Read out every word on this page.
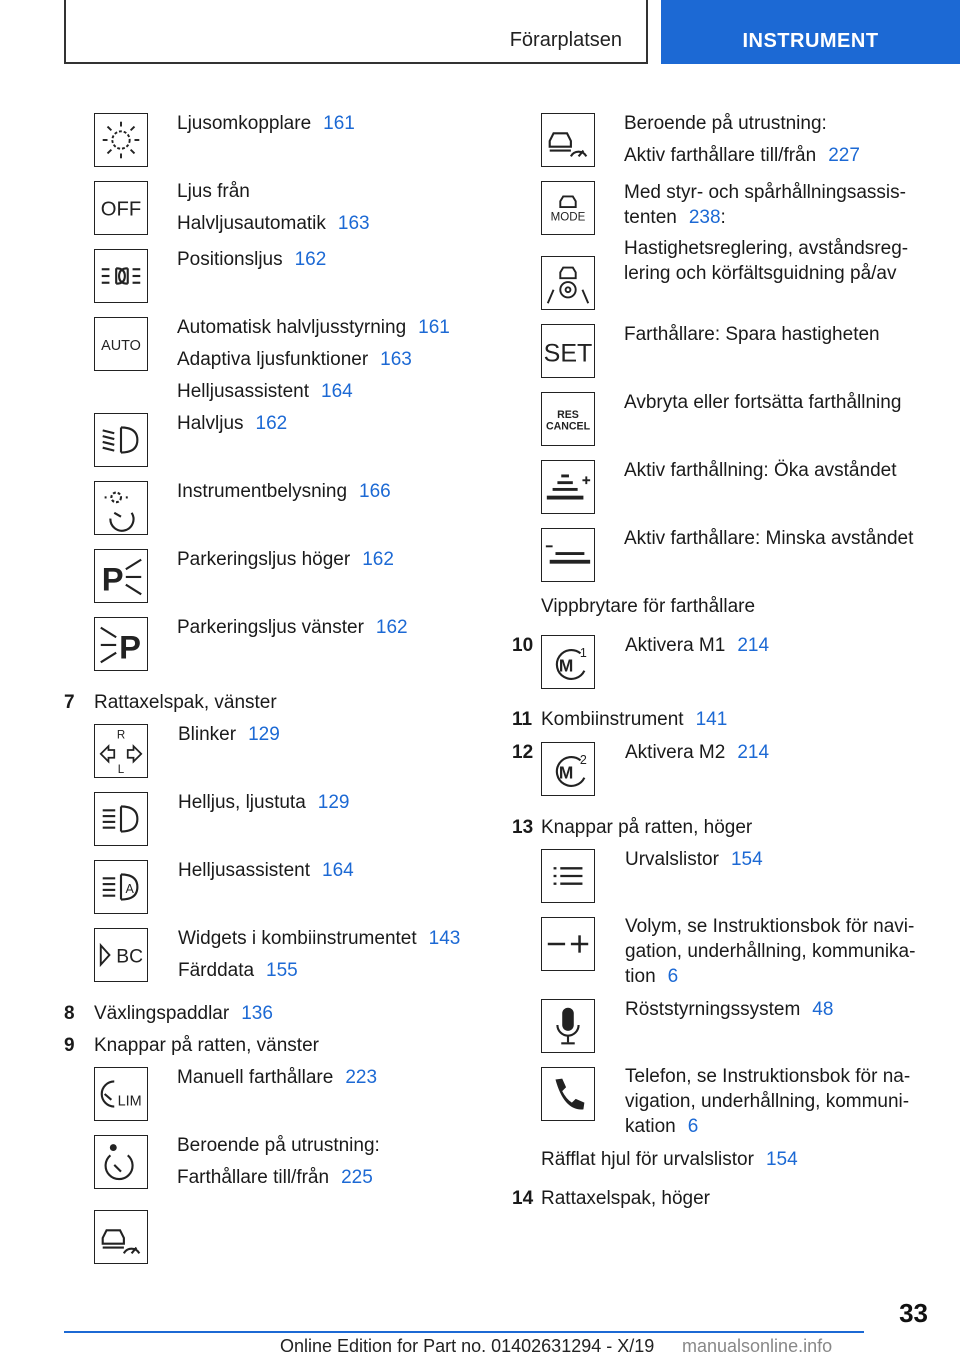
Förarplatsen	INSTRUMENT
Ljusomkopplare 161
OFF
Ljus från
Halvljusautomatik 163
Positionsljus 162
AUTO
Automatisk halvljusstyrning 161
Adaptiva ljusfunktioner 163
Helljusassistent 164
Halvljus 162
Instrumentbelysning 166
P
Parkeringsljus höger 162
P
Parkeringsljus vänster 162
7 Rattaxelspak, vänster
R
L
Blinker 129
Helljus, ljustuta 129
A
Helljusassistent 164
BC
Widgets i kombiinstrumentet 143
Färddata 155
8 Växlingspaddlar 136
9 Knappar på ratten, vänster
LIM
Manuell farthållare 223
Beroende på utrustning:
Farthållare till/från 225
Beroende på utrustning:
Aktiv farthållare till/från 227
MODE
Med styr- och spårhållningsassis-
tenten 238:
Hastighetsreglering, avståndsreg-
lering och körfältsguidning på/av
SET
Farthållare: Spara hastigheten
RES
CANCEL
Avbryta eller fortsätta farthållning
Aktiv farthållning: Öka avståndet
Aktiv farthållare: Minska avståndet
Vippbrytare för farthållare
10
M
1 Aktivera M1 214
11 Kombiinstrument 141
12
M
2 Aktivera M2 214
13 Knappar på ratten, höger
Urvalslistor 154
Volym, se Instruktionsbok för navi-
gation, underhållning, kommunika-
tion 6
Röststyrningssystem 48
Telefon, se Instruktionsbok för na-
vigation, underhållning, kommuni-
kation 6
Räfflat hjul för urvalslistor 154
14 Rattaxelspak, höger
33
Online Edition for Part no. 01402631294 - X/19 manualsonline.info
